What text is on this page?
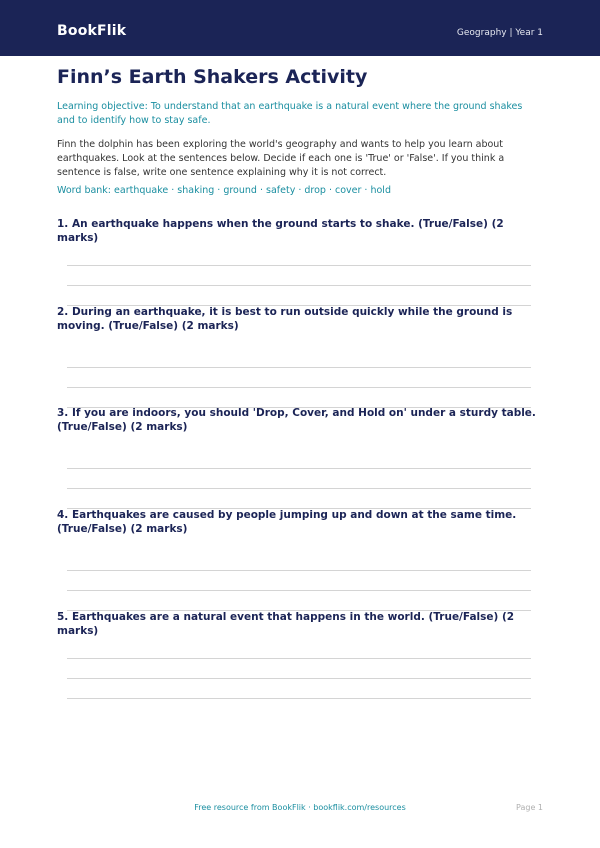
BookFlik	Geography | Year 1
Finn’s Earth Shakers Activity
Learning objective: To understand that an earthquake is a natural event where the ground shakes and to identify how to stay safe.
Finn the dolphin has been exploring the world's geography and wants to help you learn about earthquakes. Look at the sentences below. Decide if each one is 'True' or 'False'. If you think a sentence is false, write one sentence explaining why it is not correct.
Word bank: earthquake · shaking · ground · safety · drop · cover · hold
1. An earthquake happens when the ground starts to shake. (True/False) (2 marks)
2. During an earthquake, it is best to run outside quickly while the ground is moving. (True/False) (2 marks)
3. If you are indoors, you should 'Drop, Cover, and Hold on' under a sturdy table. (True/False) (2 marks)
4. Earthquakes are caused by people jumping up and down at the same time. (True/False) (2 marks)
5. Earthquakes are a natural event that happens in the world. (True/False) (2 marks)
Free resource from BookFlik · bookflik.com/resources	Page 1
